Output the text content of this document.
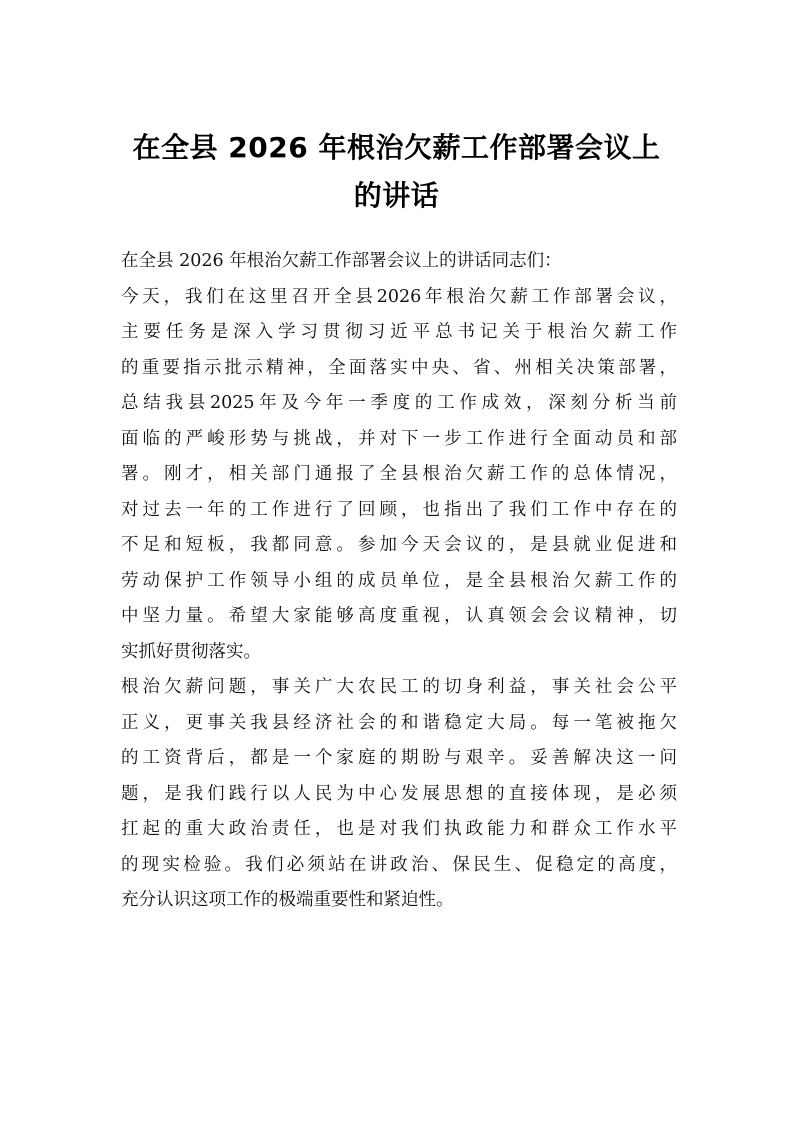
在全县 2026 年根治欠薪工作部署会议上
的讲话

在全县 2026 年根治欠薪工作部署会议上的讲话同志们：

今天，我们在这里召开全县2026年根治欠薪工作部署会议，
主要任务是深入学习贯彻习近平总书记关于根治欠薪工作
的重要指示批示精神，全面落实中央、省、州相关决策部署，
总结我县2025年及今年一季度的工作成效，深刻分析当前
面临的严峻形势与挑战，并对下一步工作进行全面动员和部
署。刚才，相关部门通报了全县根治欠薪工作的总体情况，
对过去一年的工作进行了回顾，也指出了我们工作中存在的
不足和短板，我都同意。参加今天会议的，是县就业促进和
劳动保护工作领导小组的成员单位，是全县根治欠薪工作的
中坚力量。希望大家能够高度重视，认真领会会议精神，切
实抓好贯彻落实。

根治欠薪问题，事关广大农民工的切身利益，事关社会公平
正义，更事关我县经济社会的和谐稳定大局。每一笔被拖欠
的工资背后，都是一个家庭的期盼与艰辛。妥善解决这一问
题，是我们践行以人民为中心发展思想的直接体现，是必须
扛起的重大政治责任，也是对我们执政能力和群众工作水平
的现实检验。我们必须站在讲政治、保民生、促稳定的高度，
充分认识这项工作的极端重要性和紧迫性。
